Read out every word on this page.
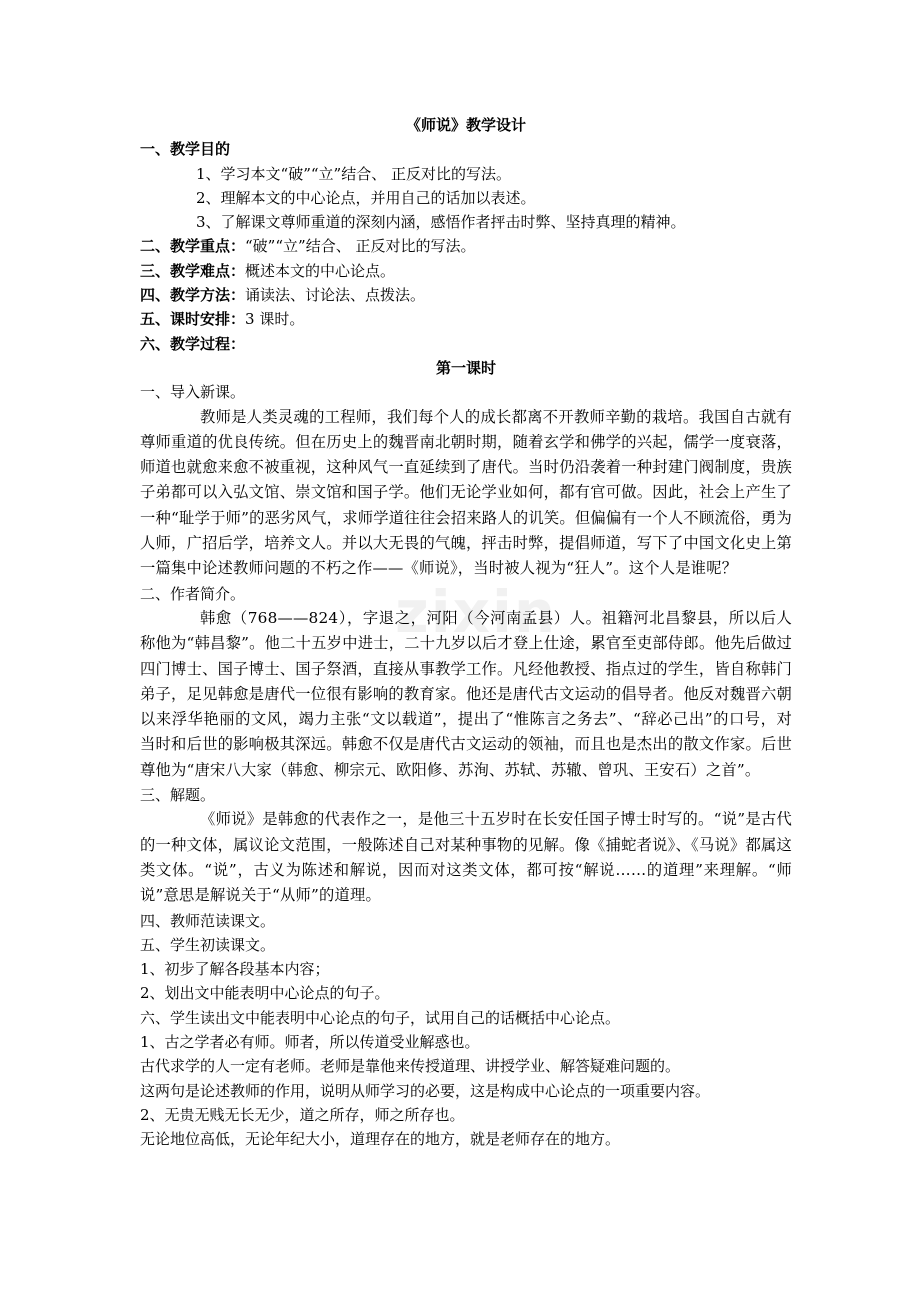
zixin
《师说》教学设计
一、教学目的
1、学习本文“破”“立”结合、 正反对比的写法。
2、理解本文的中心论点，并用自己的话加以表述。
3、了解课文尊师重道的深刻内涵，感悟作者抨击时弊、坚持真理的精神。
二、教学重点：“破”“立”结合、 正反对比的写法。
三、教学难点：概述本文的中心论点。
四、教学方法：诵读法、讨论法、点拨法。
五、课时安排：3 课时。
六、教学过程：
第一课时
一、导入新课。
教师是人类灵魂的工程师，我们每个人的成长都离不开教师辛勤的栽培。我国自古就有尊师重道的优良传统。但在历史上的魏晋南北朝时期，随着玄学和佛学的兴起，儒学一度衰落，师道也就愈来愈不被重视，这种风气一直延续到了唐代。当时仍沿袭着一种封建门阀制度，贵族子弟都可以入弘文馆、崇文馆和国子学。他们无论学业如何，都有官可做。因此，社会上产生了一种“耻学于师”的恶劣风气，求师学道往往会招来路人的讥笑。但偏偏有一个人不顾流俗，勇为人师，广招后学，培养文人。并以大无畏的气魄，抨击时弊，提倡师道，写下了中国文化史上第一篇集中论述教师问题的不朽之作——《师说》，当时被人视为“狂人”。这个人是谁呢？
二、作者简介。
韩愈（768——824），字退之，河阳（今河南孟县）人。祖籍河北昌黎县，所以后人称他为“韩昌黎”。他二十五岁中进士，二十九岁以后才登上仕途，累官至吏部侍郎。他先后做过四门博士、国子博士、国子祭酒，直接从事教学工作。凡经他教授、指点过的学生，皆自称韩门弟子，足见韩愈是唐代一位很有影响的教育家。他还是唐代古文运动的倡导者。他反对魏晋六朝以来浮华艳丽的文风，竭力主张“文以载道”，提出了“惟陈言之务去”、“辞必己出”的口号，对当时和后世的影响极其深远。韩愈不仅是唐代古文运动的领袖，而且也是杰出的散文作家。后世尊他为“唐宋八大家（韩愈、柳宗元、欧阳修、苏洵、苏轼、苏辙、曾巩、王安石）之首”。
三、解题。
《师说》是韩愈的代表作之一，是他三十五岁时在长安任国子博士时写的。“说”是古代的一种文体，属议论文范围，一般陈述自己对某种事物的见解。像《捕蛇者说》、《马说》都属这类文体。“说”，古义为陈述和解说，因而对这类文体，都可按“解说……的道理”来理解。“师说”意思是解说关于“从师”的道理。
四、教师范读课文。
五、学生初读课文。
1、初步了解各段基本内容；
2、划出文中能表明中心论点的句子。
六、学生读出文中能表明中心论点的句子，试用自己的话概括中心论点。
1、古之学者必有师。师者，所以传道受业解惑也。
古代求学的人一定有老师。老师是靠他来传授道理、讲授学业、解答疑难问题的。
这两句是论述教师的作用，说明从师学习的必要，这是构成中心论点的一项重要内容。
2、无贵无贱无长无少，道之所存，师之所存也。
无论地位高低，无论年纪大小，道理存在的地方，就是老师存在的地方。
